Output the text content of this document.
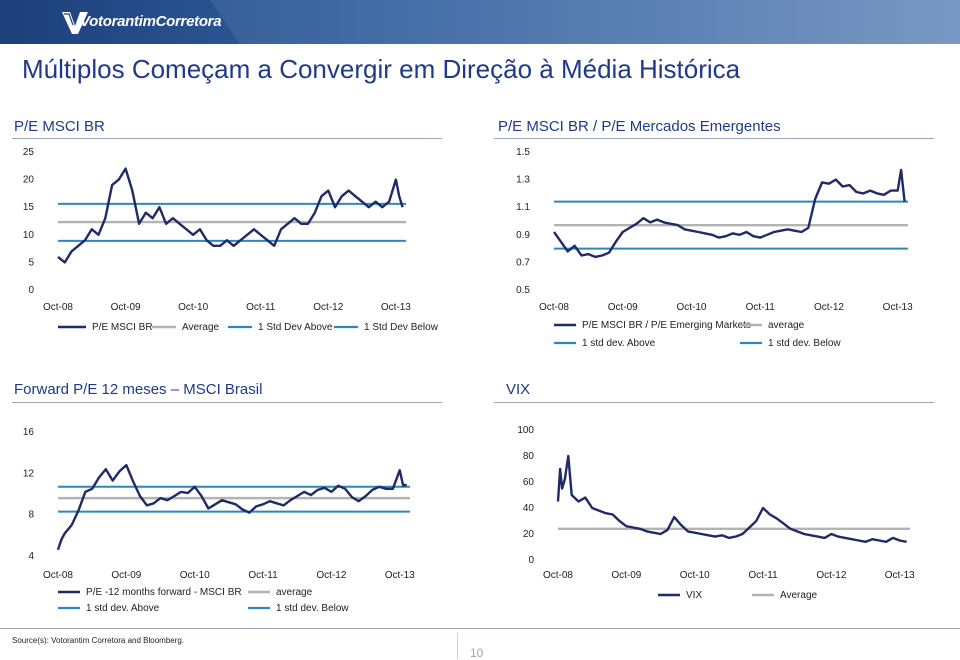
VotorantimCorretora
Múltiplos Começam a Convergir em Direção à Média Histórica
P/E MSCI BR	P/E MSCI BR / P/E Mercados Emergentes
Forward P/E 12 meses – MSCI Brasil	VIX
0
5
10
15
20
25
Oct-08	Oct-09	Oct-10	Oct-11	Oct-12	Oct-13
P/E MSCI BR	Average	1 Std Dev Above	1 Std Dev Below
0.5
0.7
0.9
1.1
1.3
1.5
Oct-08	Oct-09	Oct-10	Oct-11	Oct-12	Oct-13
P/E MSCI BR / P/E Emerging Markets average
1 std dev. Above	1 std dev. Below
4
8
12
16
Oct-08	Oct-09	Oct-10	Oct-11	Oct-12	Oct-13
P/E -12 months forward - MSCI BR	average
1 std dev. Above	1 std dev. Below
0
20
40
60
80
100
Oct-08	Oct-09	Oct-10	Oct-11	Oct-12	Oct-13
VIX	Average
Source(s): Votorantim Corretora and Bloomberg.
10
